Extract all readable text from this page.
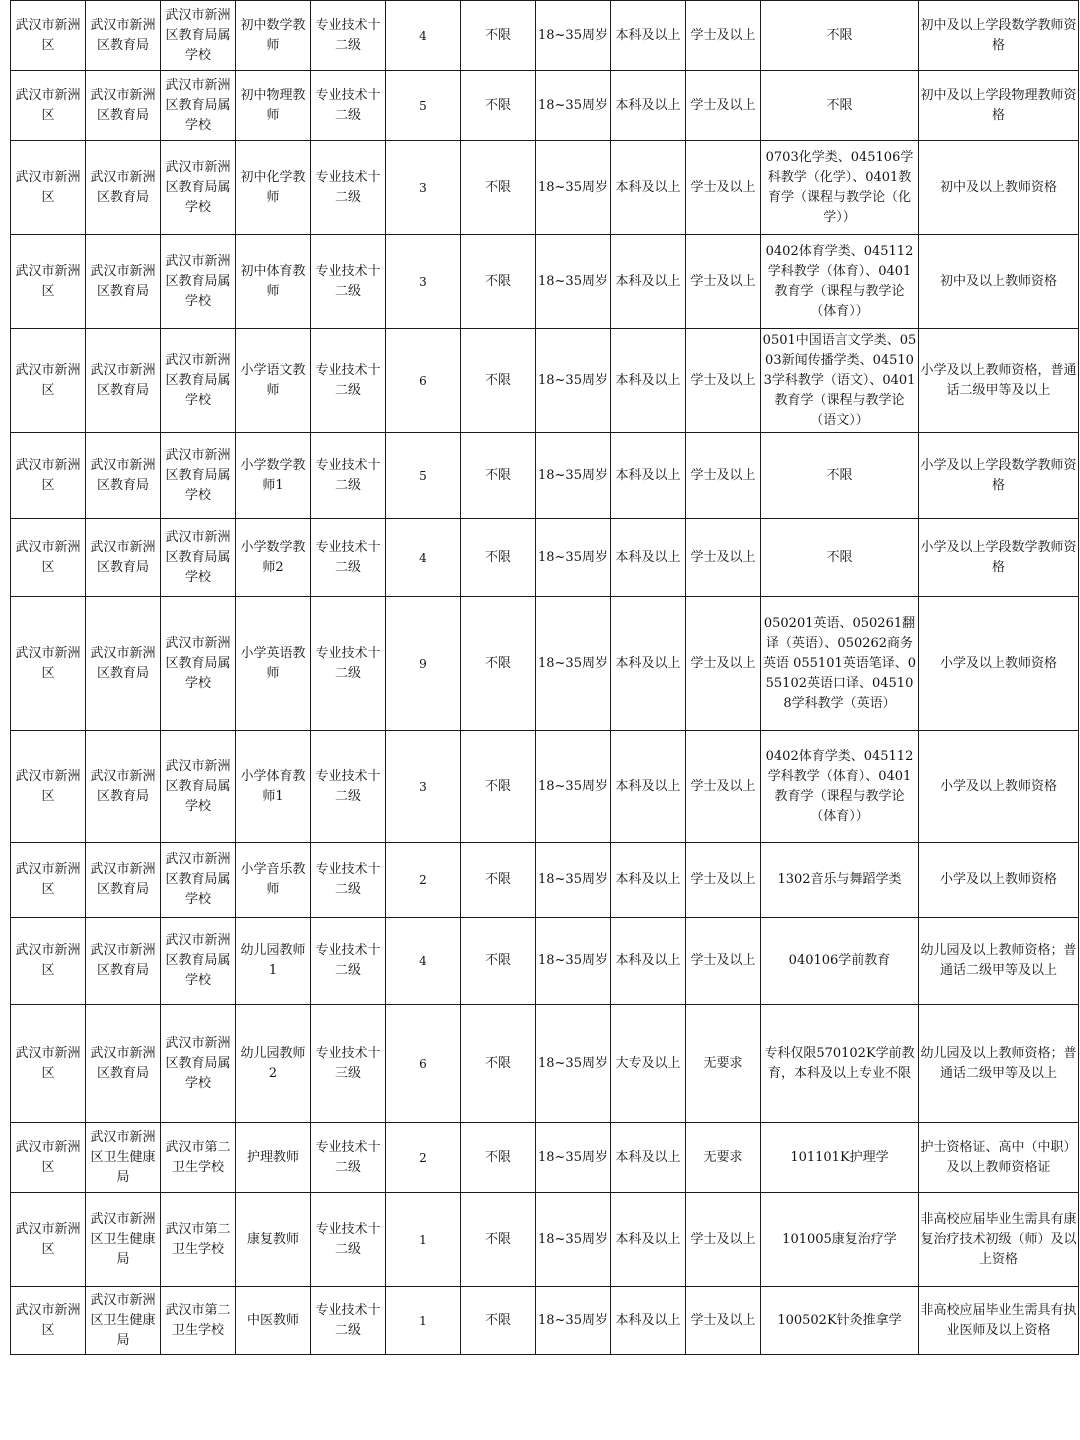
武汉市新洲区	武汉市新洲区教育局	武汉市新洲区教育局属学校	初中数学教师	专业技术十二级	4	不限	18~35周岁	本科及以上	学士及以上	不限	初中及以上学段数学教师资格
武汉市新洲区	武汉市新洲区教育局	武汉市新洲区教育局属学校	初中物理教师	专业技术十二级	5	不限	18~35周岁	本科及以上	学士及以上	不限	初中及以上学段物理教师资格
武汉市新洲区	武汉市新洲区教育局	武汉市新洲区教育局属学校	初中化学教师	专业技术十二级	3	不限	18~35周岁	本科及以上	学士及以上	0703化学类、045106学科教学（化学）、0401教育学（课程与教学论（化学））	初中及以上教师资格
武汉市新洲区	武汉市新洲区教育局	武汉市新洲区教育局属学校	初中体育教师	专业技术十二级	3	不限	18~35周岁	本科及以上	学士及以上	0402体育学类、045112学科教学（体育）、0401教育学（课程与教学论（体育））	初中及以上教师资格
武汉市新洲区	武汉市新洲区教育局	武汉市新洲区教育局属学校	小学语文教师	专业技术十二级	6	不限	18~35周岁	本科及以上	学士及以上	0501中国语言文学类、0503新闻传播学类、045103学科教学（语文）、0401教育学（课程与教学论（语文））	小学及以上教师资格，普通话二级甲等及以上
武汉市新洲区	武汉市新洲区教育局	武汉市新洲区教育局属学校	小学数学教师1	专业技术十二级	5	不限	18~35周岁	本科及以上	学士及以上	不限	小学及以上学段数学教师资格
武汉市新洲区	武汉市新洲区教育局	武汉市新洲区教育局属学校	小学数学教师2	专业技术十二级	4	不限	18~35周岁	本科及以上	学士及以上	不限	小学及以上学段数学教师资格
武汉市新洲区	武汉市新洲区教育局	武汉市新洲区教育局属学校	小学英语教师	专业技术十二级	9	不限	18~35周岁	本科及以上	学士及以上	050201英语、050261翻译（英语）、050262商务英语 055101英语笔译、055102英语口译、045108学科教学（英语）	小学及以上教师资格
武汉市新洲区	武汉市新洲区教育局	武汉市新洲区教育局属学校	小学体育教师1	专业技术十二级	3	不限	18~35周岁	本科及以上	学士及以上	0402体育学类、045112学科教学（体育）、0401教育学（课程与教学论（体育））	小学及以上教师资格
武汉市新洲区	武汉市新洲区教育局	武汉市新洲区教育局属学校	小学音乐教师	专业技术十二级	2	不限	18~35周岁	本科及以上	学士及以上	1302音乐与舞蹈学类	小学及以上教师资格
武汉市新洲区	武汉市新洲区教育局	武汉市新洲区教育局属学校	幼儿园教师1	专业技术十二级	4	不限	18~35周岁	本科及以上	学士及以上	040106学前教育	幼儿园及以上教师资格；普通话二级甲等及以上
武汉市新洲区	武汉市新洲区教育局	武汉市新洲区教育局属学校	幼儿园教师2	专业技术十三级	6	不限	18~35周岁	大专及以上	无要求	专科仅限570102K学前教育，本科及以上专业不限	幼儿园及以上教师资格；普通话二级甲等及以上
武汉市新洲区	武汉市新洲区卫生健康局	武汉市第二卫生学校	护理教师	专业技术十二级	2	不限	18~35周岁	本科及以上	无要求	101101K护理学	护士资格证、高中（中职）及以上教师资格证
武汉市新洲区	武汉市新洲区卫生健康局	武汉市第二卫生学校	康复教师	专业技术十二级	1	不限	18~35周岁	本科及以上	学士及以上	101005康复治疗学	非高校应届毕业生需具有康复治疗技术初级（师）及以上资格
武汉市新洲区	武汉市新洲区卫生健康局	武汉市第二卫生学校	中医教师	专业技术十二级	1	不限	18~35周岁	本科及以上	学士及以上	100502K针灸推拿学	非高校应届毕业生需具有执业医师及以上资格
